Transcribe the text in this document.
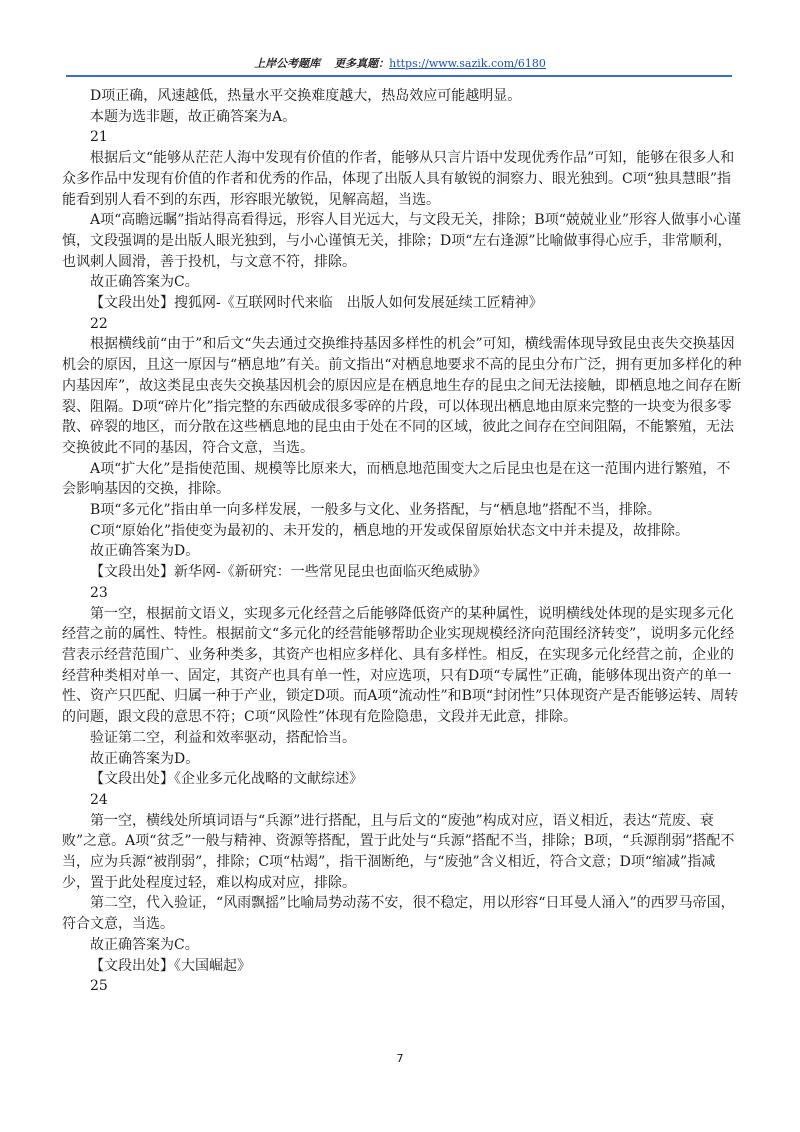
上岸公考题库 更多真题：https://www.sazik.com/6180

D项正确，风速越低，热量水平交换难度越大，热岛效应可能越明显。

本题为选非题，故正确答案为A。

21

根据后文“能够从茫茫人海中发现有价值的作者，能够从只言片语中发现优秀作品”可知，能够在很多人和众多作品中发现有价值的作者和优秀的作品，体现了出版人具有敏锐的洞察力、眼光独到。C项“独具慧眼”指能看到别人看不到的东西，形容眼光敏锐，见解高超，当选。

A项“高瞻远瞩”指站得高看得远，形容人目光远大，与文段无关，排除；B项“兢兢业业”形容人做事小心谨慎，文段强调的是出版人眼光独到，与小心谨慎无关，排除；D项“左右逢源”比喻做事得心应手，非常顺利，也讽刺人圆滑，善于投机，与文意不符，排除。

故正确答案为C。

【文段出处】搜狐网-《互联网时代来临　出版人如何发展延续工匠精神》

22

根据横线前“由于”和后文“失去通过交换维持基因多样性的机会”可知，横线需体现导致昆虫丧失交换基因机会的原因，且这一原因与“栖息地”有关。前文指出“对栖息地要求不高的昆虫分布广泛，拥有更加多样化的种内基因库”，故这类昆虫丧失交换基因机会的原因应是在栖息地生存的昆虫之间无法接触，即栖息地之间存在断裂、阻隔。D项“碎片化”指完整的东西破成很多零碎的片段，可以体现出栖息地由原来完整的一块变为很多零散、碎裂的地区，而分散在这些栖息地的昆虫由于处在不同的区域，彼此之间存在空间阻隔，不能繁殖，无法交换彼此不同的基因，符合文意，当选。

A项“扩大化”是指使范围、规模等比原来大，而栖息地范围变大之后昆虫也是在这一范围内进行繁殖，不会影响基因的交换，排除。

B项“多元化”指由单一向多样发展，一般多与文化、业务搭配，与“栖息地”搭配不当，排除。

C项“原始化”指使变为最初的、未开发的，栖息地的开发或保留原始状态文中并未提及，故排除。

故正确答案为D。

【文段出处】新华网-《新研究：一些常见昆虫也面临灭绝威胁》

23

第一空，根据前文语义，实现多元化经营之后能够降低资产的某种属性，说明横线处体现的是实现多元化经营之前的属性、特性。根据前文“多元化的经营能够帮助企业实现规模经济向范围经济转变”，说明多元化经营表示经营范围广、业务种类多，其资产也相应多样化、具有多样性。相反，在实现多元化经营之前，企业的经营种类相对单一、固定，其资产也具有单一性，对应选项，只有D项“专属性”正确，能够体现出资产的单一性、资产只匹配、归属一种于产业，锁定D项。而A项“流动性”和B项“封闭性”只体现资产是否能够运转、周转的问题，跟文段的意思不符；C项“风险性”体现有危险隐患，文段并无此意，排除。

验证第二空，利益和效率驱动，搭配恰当。

故正确答案为D。

【文段出处】《企业多元化战略的文献综述》

24

第一空，横线处所填词语与“兵源”进行搭配，且与后文的“废弛”构成对应，语义相近，表达“荒废、衰败”之意。A项“贫乏”一般与精神、资源等搭配，置于此处与“兵源”搭配不当，排除；B项，“兵源削弱”搭配不当，应为兵源“被削弱”，排除；C项“枯竭”，指干涸断绝，与“废弛”含义相近，符合文意；D项“缩减”指减少，置于此处程度过轻，难以构成对应，排除。

第二空，代入验证，“风雨飘摇”比喻局势动荡不安，很不稳定，用以形容“日耳曼人涌入”的西罗马帝国，符合文意，当选。

故正确答案为C。

【文段出处】《大国崛起》

25

7
